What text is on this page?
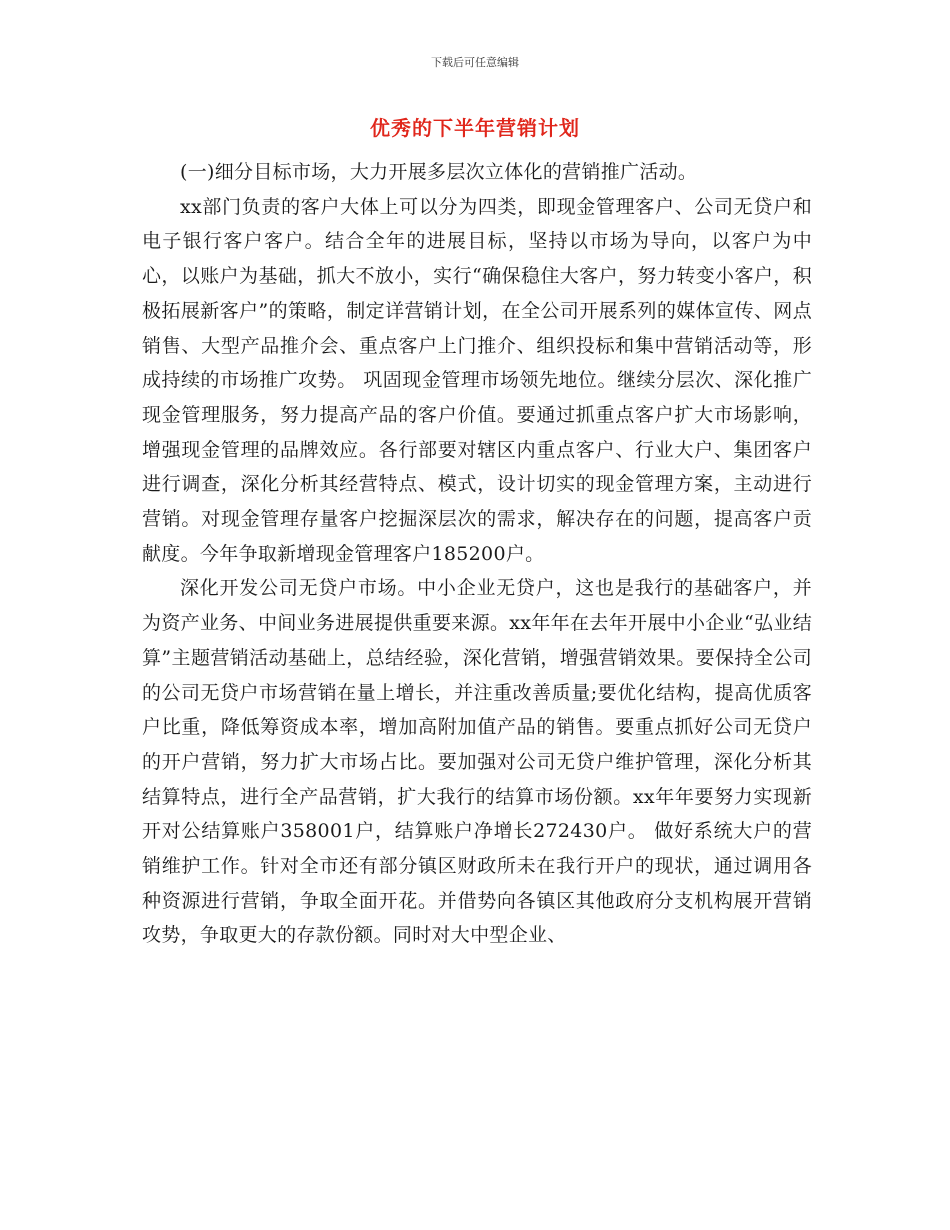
下载后可任意编辑
优秀的下半年营销计划

(一)细分目标市场，大力开展多层次立体化的营销推广活动。

xx部门负责的客户大体上可以分为四类，即现金管理客户、公司无贷户和电子银行客户客户。结合全年的进展目标，坚持以市场为导向，以客户为中心，以账户为基础，抓大不放小，实行“确保稳住大客户，努力转变小客户，积极拓展新客户”的策略，制定详营销计划，在全公司开展系列的媒体宣传、网点销售、大型产品推介会、重点客户上门推介、组织投标和集中营销活动等，形成持续的市场推广攻势。 巩固现金管理市场领先地位。继续分层次、深化推广现金管理服务，努力提高产品的客户价值。要通过抓重点客户扩大市场影响，增强现金管理的品牌效应。各行部要对辖区内重点客户、行业大户、集团客户进行调查，深化分析其经营特点、模式，设计切实的现金管理方案，主动进行营销。对现金管理存量客户挖掘深层次的需求，解决存在的问题，提高客户贡献度。今年争取新增现金管理客户185200户。

深化开发公司无贷户市场。中小企业无贷户，这也是我行的基础客户，并为资产业务、中间业务进展提供重要来源。xx年年在去年开展中小企业“弘业结算”主题营销活动基础上，总结经验，深化营销，增强营销效果。要保持全公司的公司无贷户市场营销在量上增长，并注重改善质量;要优化结构，提高优质客户比重，降低筹资成本率，增加高附加值产品的销售。要重点抓好公司无贷户的开户营销，努力扩大市场占比。要加强对公司无贷户维护管理，深化分析其结算特点，进行全产品营销，扩大我行的结算市场份额。xx年年要努力实现新开对公结算账户358001户，结算账户净增长272430户。 做好系统大户的营销维护工作。针对全市还有部分镇区财政所未在我行开户的现状，通过调用各种资源进行营销，争取全面开花。并借势向各镇区其他政府分支机构展开营销攻势，争取更大的存款份额。同时对大中型企业、
